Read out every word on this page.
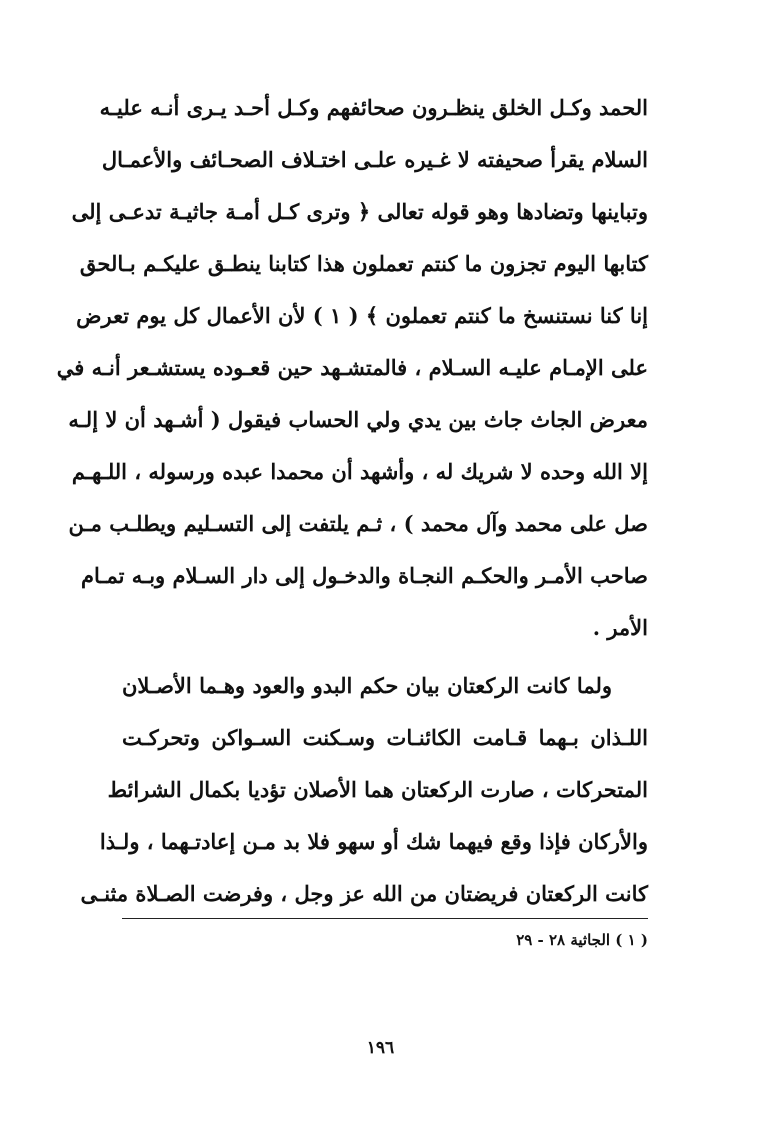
الحمد وكـل الخلق ينظـرون صحائفهم وكـل أحـد يـرى أنـه عليـه
السلام يقرأ صحيفته لا غـيره علـى اختـلاف الصحـائف والأعمـال
وتباينها وتضادها وهو قوله تعالى ﴿ وترى كـل أمـة جاثيـة تدعـى إلى
كتابها اليوم تجزون ما كنتم تعملون هذا كتابنا ينطـق عليكـم بـالحق
إنا كنا نستنسخ ما كنتم تعملون ﴾ ( ١ ) لأن الأعمال كل يوم تعرض
على الإمـام عليـه السـلام ، فالمتشـهد حين قعـوده يستشـعر أنـه في
معرض الجاث جاث بين يدي ولي الحساب فيقول ( أشـهد أن لا إلـه
إلا الله وحده لا شريك له ، وأشهد أن محمدا عبده ورسوله ، اللـهـم
صل على محمد وآل محمد ) ، ثـم يلتفت إلى التسـليم ويطلـب مـن
صاحب الأمـر والحكـم النجـاة والدخـول إلى دار السـلام وبـه تمـام
الأمر .
ولما كانت الركعتان بيان حكم البدو والعود وهـما الأصـلان
اللـذان بـهما قـامت الكائنـات وسـكنت السـواكن وتحركـت
المتحركات ، صارت الركعتان هما الأصلان تؤديا بكمال الشرائط
والأركان فإذا وقع فيهما شك أو سهو فلا بد مـن إعادتـهما ، ولـذا
كانت الركعتان فريضتان من الله عز وجل ، وفرضت الصـلاة مثنـى
( ١ ) الجاثية ٢٨ - ٢٩
١٩٦
